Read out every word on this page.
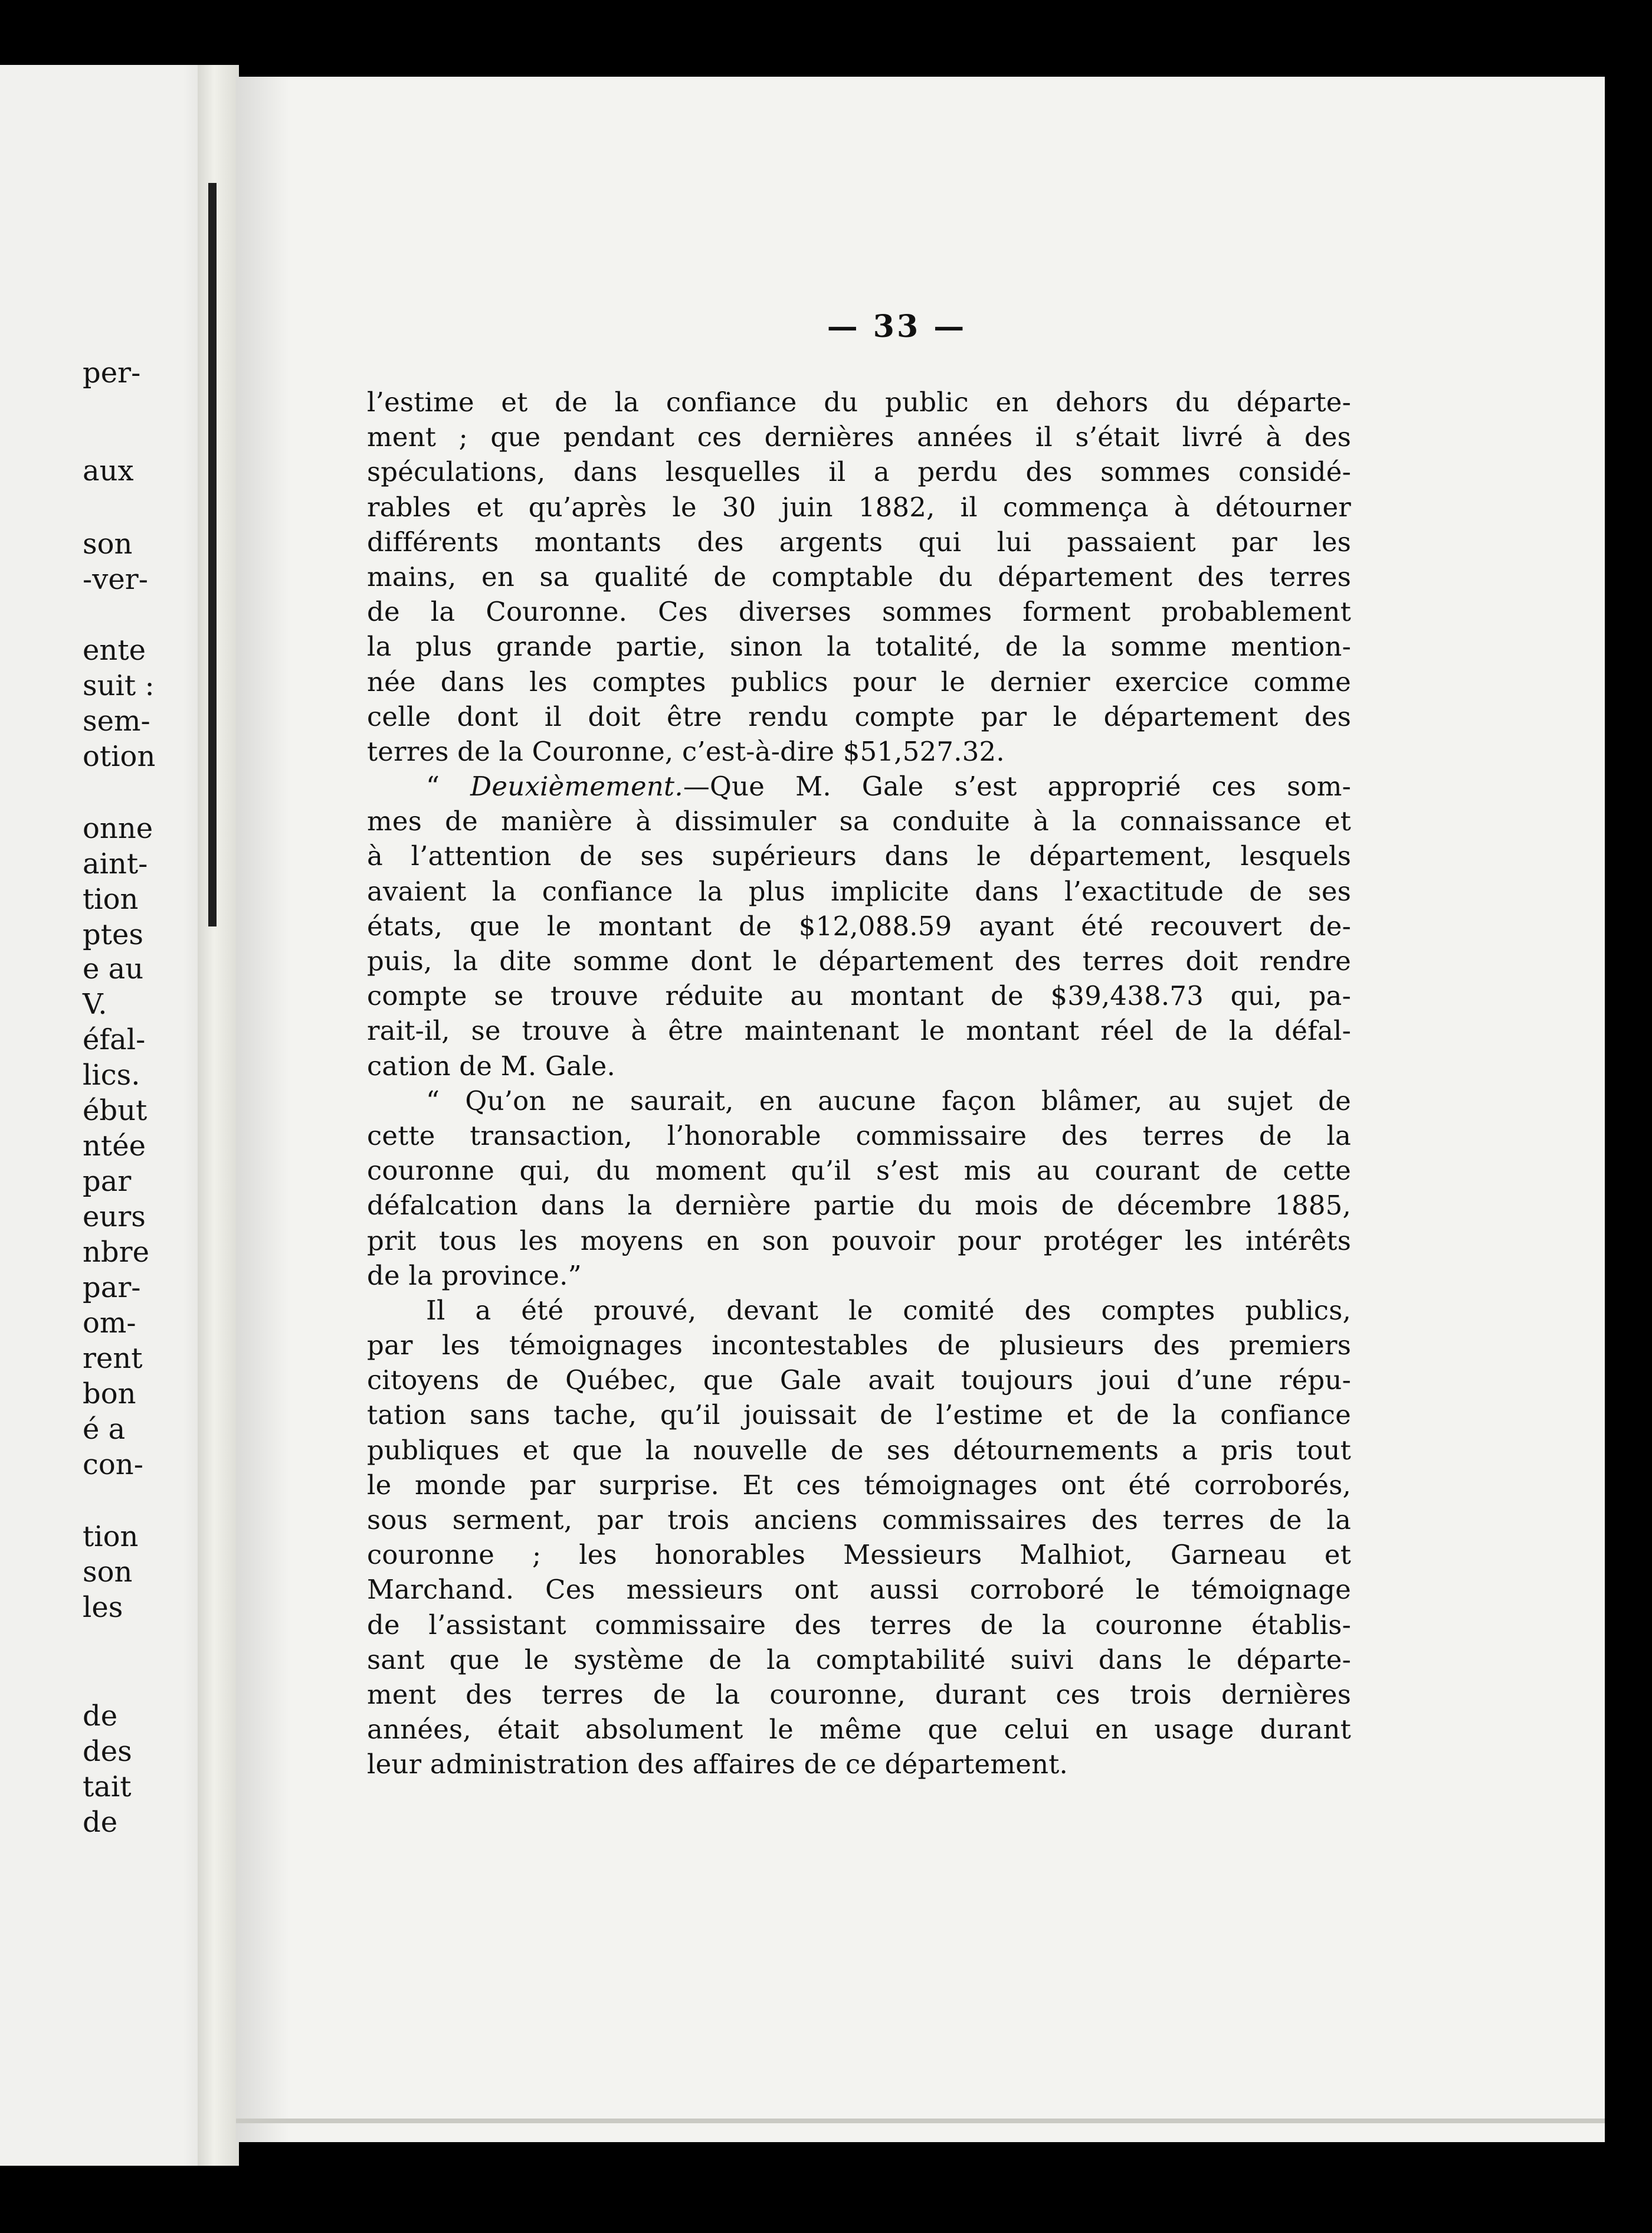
per-
aux
son
-ver-
ente
suit :
sem-
otion
onne
aint-
tion
ptes
e au
V.
éfal-
lics.
ébut
ntée
par
eurs
nbre
par-
om-
rent
bon
é a
con-
tion
son
les
de
des
tait
de
— 33 —
l’estime et de la confiance du public en dehors du départe-
ment ; que pendant ces dernières années il s’était livré à des
spéculations, dans lesquelles il a perdu des sommes considé-
rables et qu’après le 30 juin 1882, il commença à détourner
différents montants des argents qui lui passaient par les
mains, en sa qualité de comptable du département des terres
de la Couronne. Ces diverses sommes forment probablement
la plus grande partie, sinon la totalité, de la somme mention-
née dans les comptes publics pour le dernier exercice comme
celle dont il doit être rendu compte par le département des
terres de la Couronne, c’est-à-dire $51,527.32.
“ Deuxièmement.—Que M. Gale s’est approprié ces som-
mes de manière à dissimuler sa conduite à la connaissance et
à l’attention de ses supérieurs dans le département, lesquels
avaient la confiance la plus implicite dans l’exactitude de ses
états, que le montant de $12,088.59 ayant été recouvert de-
puis, la dite somme dont le département des terres doit rendre
compte se trouve réduite au montant de $39,438.73 qui, pa-
rait-il, se trouve à être maintenant le montant réel de la défal-
cation de M. Gale.
“ Qu’on ne saurait, en aucune façon blâmer, au sujet de
cette transaction, l’honorable commissaire des terres de la
couronne qui, du moment qu’il s’est mis au courant de cette
défalcation dans la dernière partie du mois de décembre 1885,
prit tous les moyens en son pouvoir pour protéger les intérêts
de la province.”
Il a été prouvé, devant le comité des comptes publics,
par les témoignages incontestables de plusieurs des premiers
citoyens de Québec, que Gale avait toujours joui d’une répu-
tation sans tache, qu’il jouissait de l’estime et de la confiance
publiques et que la nouvelle de ses détournements a pris tout
le monde par surprise. Et ces témoignages ont été corroborés,
sous serment, par trois anciens commissaires des terres de la
couronne ; les honorables Messieurs Malhiot, Garneau et
Marchand. Ces messieurs ont aussi corroboré le témoignage
de l’assistant commissaire des terres de la couronne établis-
sant que le système de la comptabilité suivi dans le départe-
ment des terres de la couronne, durant ces trois dernières
années, était absolument le même que celui en usage durant
leur administration des affaires de ce département.
